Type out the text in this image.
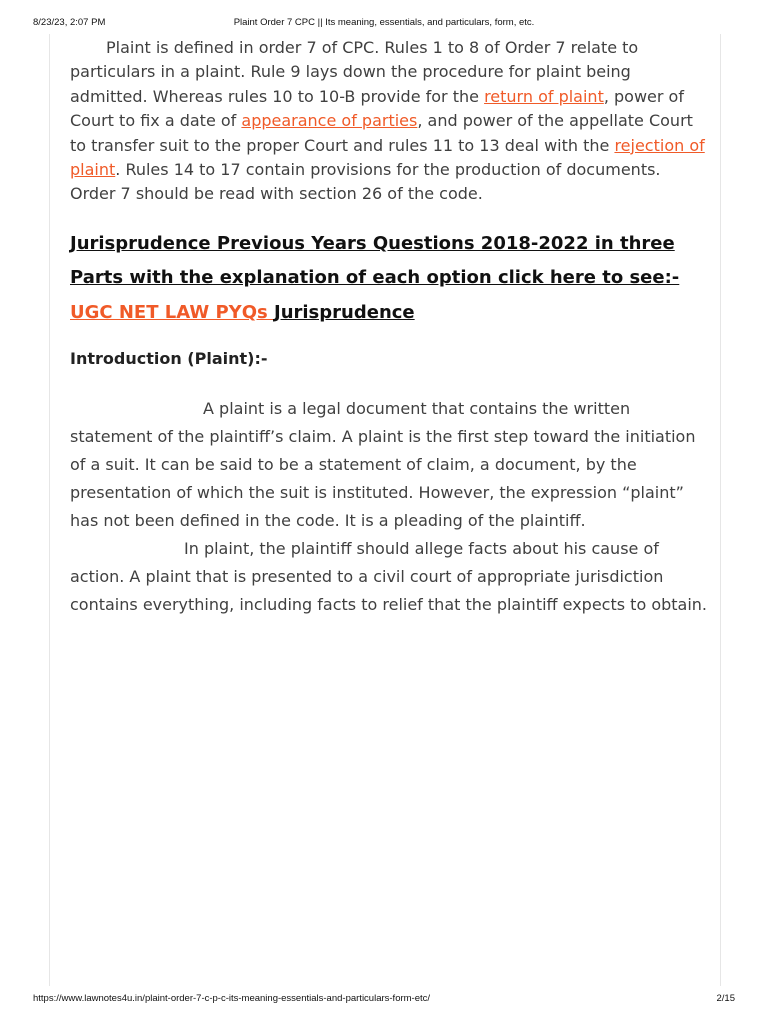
8/23/23, 2:07 PM	Plaint Order 7 CPC || Its meaning, essentials, and particulars, form, etc.

Plaint is defined in order 7 of CPC. Rules 1 to 8 of Order 7 relate to particulars in a plaint. Rule 9 lays down the procedure for plaint being admitted. Whereas rules 10 to 10-B provide for the return of plaint, power of Court to fix a date of appearance of parties, and power of the appellate Court to transfer suit to the proper Court and rules 11 to 13 deal with the rejection of plaint. Rules 14 to 17 contain provisions for the production of documents. Order 7 should be read with section 26 of the code.

Jurisprudence Previous Years Questions 2018-2022 in three Parts with the explanation of each option click here to see:- UGC NET LAW PYQs Jurisprudence

Introduction (Plaint):-

A plaint is a legal document that contains the written statement of the plaintiff’s claim. A plaint is the first step toward the initiation of a suit. It can be said to be a statement of claim, a document, by the presentation of which the suit is instituted. However, the expression “plaint” has not been defined in the code. It is a pleading of the plaintiff.
In plaint, the plaintiff should allege facts about his cause of action. A plaint that is presented to a civil court of appropriate jurisdiction contains everything, including facts to relief that the plaintiff expects to obtain.

https://www.lawnotes4u.in/plaint-order-7-c-p-c-its-meaning-essentials-and-particulars-form-etc/	2/15
